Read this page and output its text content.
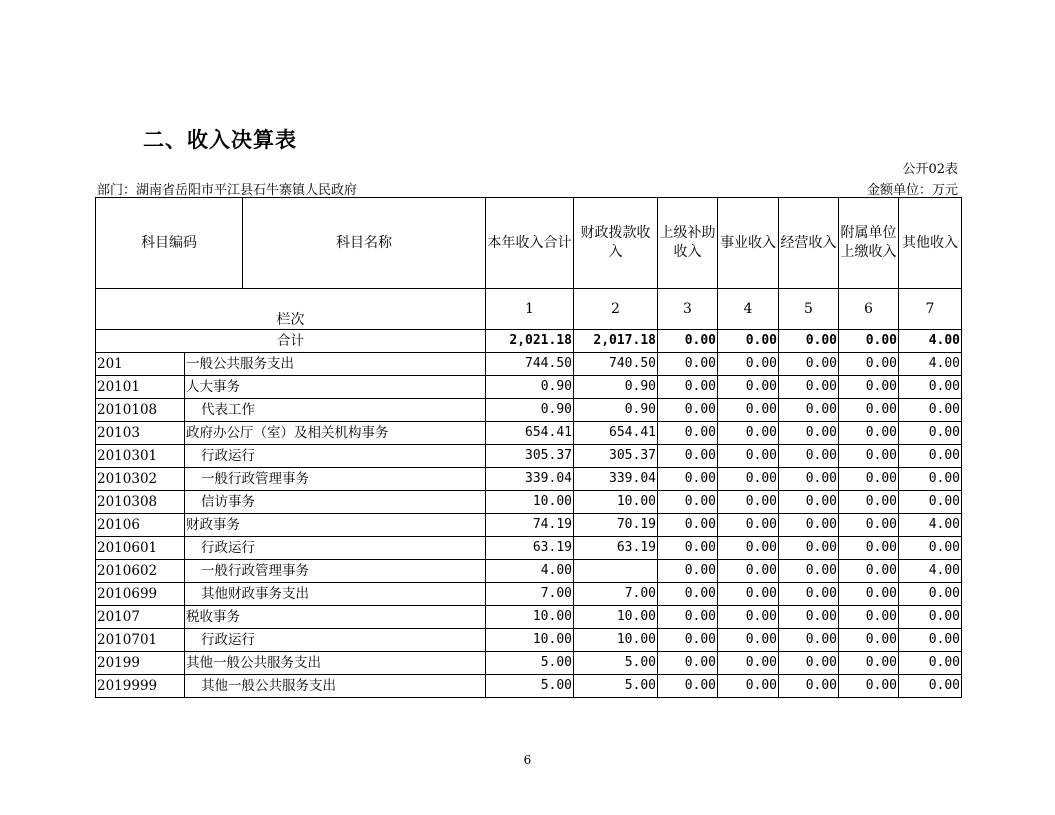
二、收入决算表
公开02表
部门：湖南省岳阳市平江县石牛寨镇人民政府	金额单位：万元
科目编码		科目名称	本年收入合计	财政拨款收入	上级补助收入	事业收入	经营收入	附属单位上缴收入	其他收入
栏次			1	2	3	4	5	6	7
合计			2,021.18	2,017.18	0.00	0.00	0.00	0.00	4.00
201	一般公共服务支出		744.50	740.50	0.00	0.00	0.00	0.00	4.00
20101	人大事务		0.90	0.90	0.00	0.00	0.00	0.00	0.00
2010108	代表工作		0.90	0.90	0.00	0.00	0.00	0.00	0.00
20103	政府办公厅（室）及相关机构事务		654.41	654.41	0.00	0.00	0.00	0.00	0.00
2010301	行政运行		305.37	305.37	0.00	0.00	0.00	0.00	0.00
2010302	一般行政管理事务		339.04	339.04	0.00	0.00	0.00	0.00	0.00
2010308	信访事务		10.00	10.00	0.00	0.00	0.00	0.00	0.00
20106	财政事务		74.19	70.19	0.00	0.00	0.00	0.00	4.00
2010601	行政运行		63.19	63.19	0.00	0.00	0.00	0.00	0.00
2010602	一般行政管理事务		4.00		0.00	0.00	0.00	0.00	4.00
2010699	其他财政事务支出		7.00	7.00	0.00	0.00	0.00	0.00	0.00
20107	税收事务		10.00	10.00	0.00	0.00	0.00	0.00	0.00
2010701	行政运行		10.00	10.00	0.00	0.00	0.00	0.00	0.00
20199	其他一般公共服务支出		5.00	5.00	0.00	0.00	0.00	0.00	0.00
2019999	其他一般公共服务支出		5.00	5.00	0.00	0.00	0.00	0.00	0.00
6
